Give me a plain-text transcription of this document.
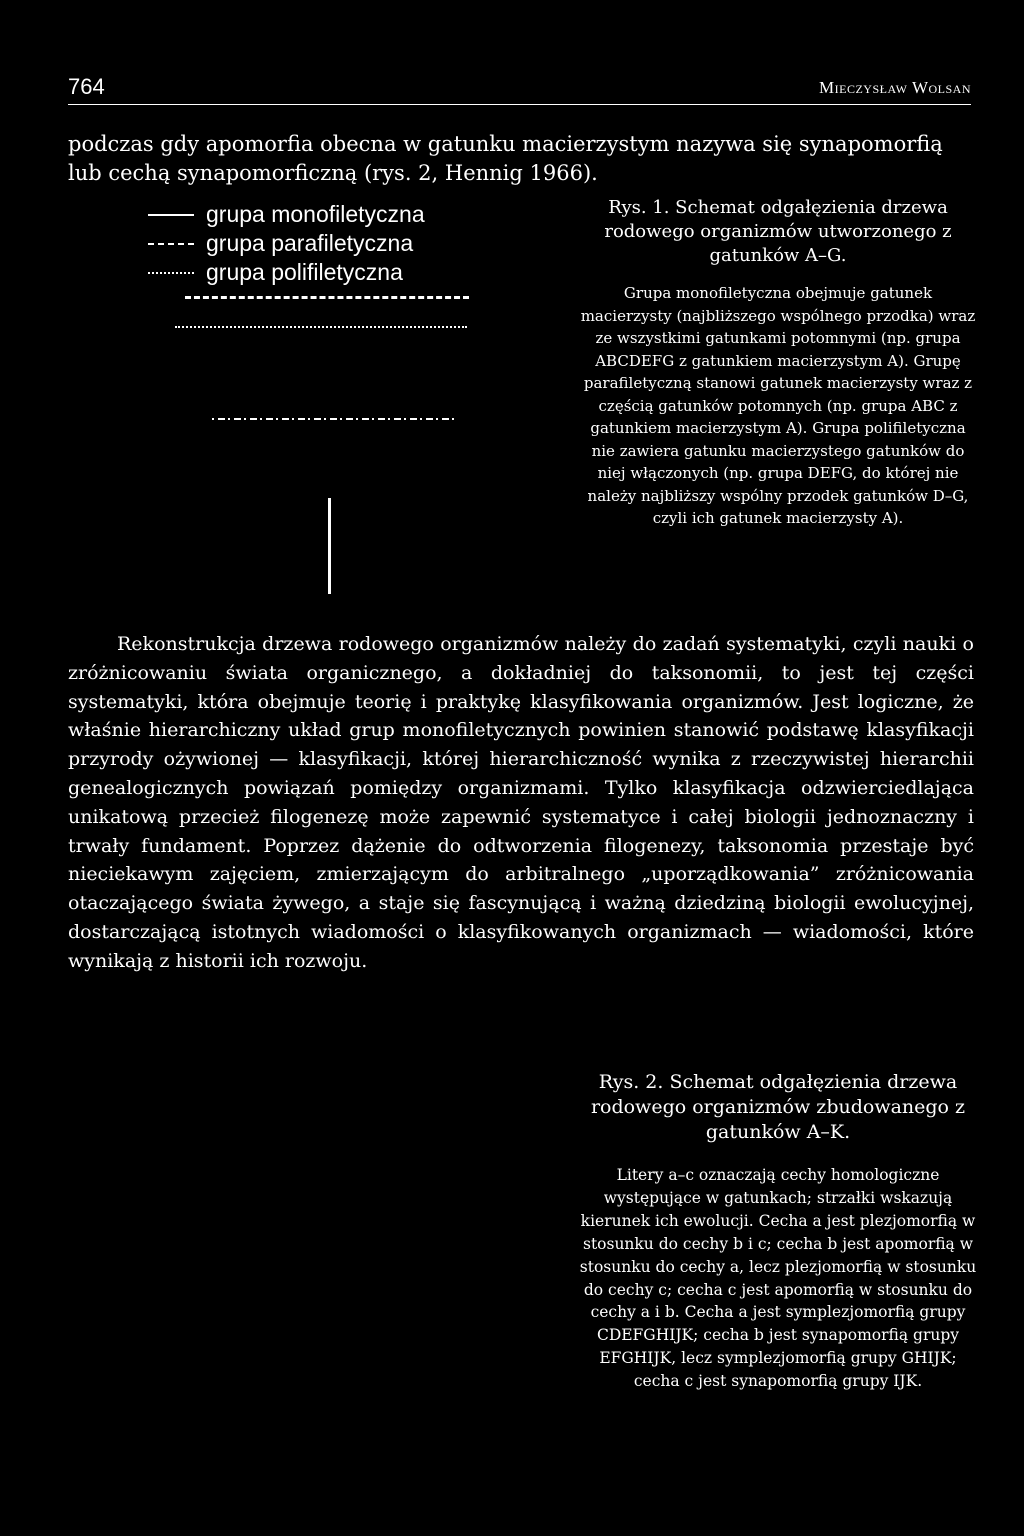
764	Mieczysław Wolsan

podczas gdy apomorfia obecna w gatunku macierzystym nazywa się synapomorfią lub cechą synapomorficzną (rys. 2, Hennig 1966).

grupa monofiletyczna
grupa parafiletyczna
grupa polifiletyczna

Rys. 1. Schemat odgałęzienia drzewa rodowego organizmów utworzonego z gatunków A–G.

Grupa monofiletyczna obejmuje gatunek macierzysty (najbliższego wspólnego przodka) wraz ze wszystkimi gatunkami potomnymi (np. grupa ABCDEFG z gatunkiem macierzystym A). Grupę parafiletyczną stanowi gatunek macierzysty wraz z częścią gatunków potomnych (np. grupa ABC z gatunkiem macierzystym A). Grupa polifiletyczna nie zawiera gatunku macierzystego gatunków do niej włączonych (np. grupa DEFG, do której nie należy najbliższy wspólny przodek gatunków D–G, czyli ich gatunek macierzysty A).

Rekonstrukcja drzewa rodowego organizmów należy do zadań systematyki, czyli nauki o zróżnicowaniu świata organicznego, a dokładniej do taksonomii, to jest tej części systematyki, która obejmuje teorię i praktykę klasyfikowania organizmów. Jest logiczne, że właśnie hierarchiczny układ grup monofiletycznych powinien stanowić podstawę klasyfikacji przyrody ożywionej — klasyfikacji, której hierarchiczność wynika z rzeczywistej hierarchii genealogicznych powiązań pomiędzy organizmami. Tylko klasyfikacja odzwierciedlająca unikatową przecież filogenezę może zapewnić systematyce i całej biologii jednoznaczny i trwały fundament. Poprzez dążenie do odtworzenia filogenezy, taksonomia przestaje być nieciekawym zajęciem, zmierzającym do arbitralnego „uporządkowania” zróżnicowania otaczającego świata żywego, a staje się fascynującą i ważną dziedziną biologii ewolucyjnej, dostarczającą istotnych wiadomości o klasyfikowanych organizmach — wiadomości, które wynikają z historii ich rozwoju.

Rys. 2. Schemat odgałęzienia drzewa rodowego organizmów zbudowanego z gatunków A–K.

Litery a–c oznaczają cechy homologiczne występujące w gatunkach; strzałki wskazują kierunek ich ewolucji. Cecha a jest plezjomorfią w stosunku do cechy b i c; cecha b jest apomorfią w stosunku do cechy a, lecz plezjomorfią w stosunku do cechy c; cecha c jest apomorfią w stosunku do cechy a i b. Cecha a jest symplezjomorfią grupy CDEFGHIJK; cecha b jest synapomorfią grupy EFGHIJK, lecz symplezjomorfią grupy GHIJK; cecha c jest synapomorfią grupy IJK.
